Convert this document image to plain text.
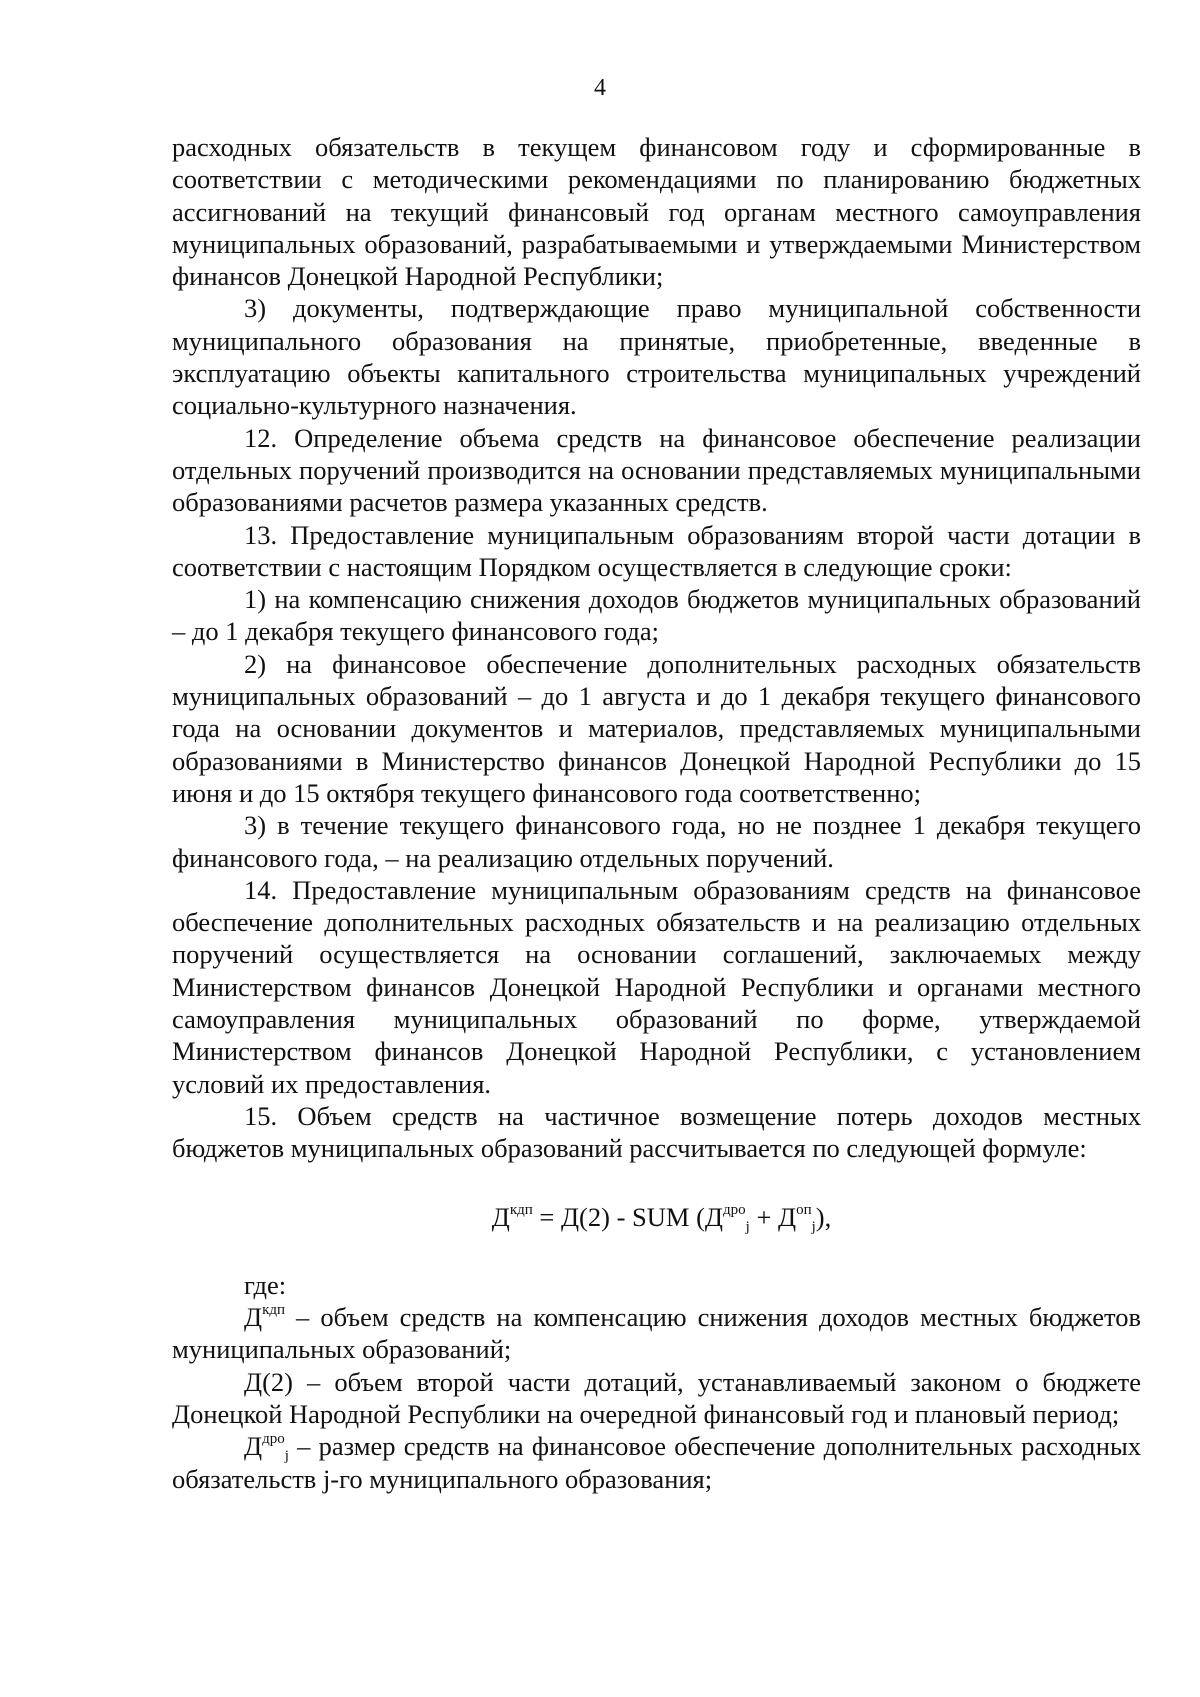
4

расходных обязательств в текущем финансовом году и сформированные в соответствии с методическими рекомендациями по планированию бюджетных ассигнований на текущий финансовый год органам местного самоуправления муниципальных образований, разрабатываемыми и утверждаемыми Министерством финансов Донецкой Народной Республики;

3) документы, подтверждающие право муниципальной собственности муниципального образования на принятые, приобретенные, введенные в эксплуатацию объекты капитального строительства муниципальных учреждений социально-культурного назначения.

12. Определение объема средств на финансовое обеспечение реализации отдельных поручений производится на основании представляемых муниципальными образованиями расчетов размера указанных средств.

13. Предоставление муниципальным образованиям второй части дотации в соответствии с настоящим Порядком осуществляется в следующие сроки:

1) на компенсацию снижения доходов бюджетов муниципальных образований – до 1 декабря текущего финансового года;

2) на финансовое обеспечение дополнительных расходных обязательств муниципальных образований – до 1 августа и до 1 декабря текущего финансового года на основании документов и материалов, представляемых муниципальными образованиями в Министерство финансов Донецкой Народной Республики до 15 июня и до 15 октября текущего финансового года соответственно;

3) в течение текущего финансового года, но не позднее 1 декабря текущего финансового года, – на реализацию отдельных поручений.

14. Предоставление муниципальным образованиям средств на финансовое обеспечение дополнительных расходных обязательств и на реализацию отдельных поручений осуществляется на основании соглашений, заключаемых между Министерством финансов Донецкой Народной Республики и органами местного самоуправления муниципальных образований по форме, утверждаемой Министерством финансов Донецкой Народной Республики, с установлением условий их предоставления.

15. Объем средств на частичное возмещение потерь доходов местных бюджетов муниципальных образований рассчитывается по следующей формуле:

$Д^{кдп} = Д(2)$ - SUM $(Д^{дро}_j + Д^{оп}_j)$,

где:

$Д^{кдп}$ – объем средств на компенсацию снижения доходов местных бюджетов муниципальных образований;

Д(2) – объем второй части дотаций, устанавливаемый законом о бюджете Донецкой Народной Республики на очередной финансовый год и плановый период;

$Д^{дро}_j$ – размер средств на финансовое обеспечение дополнительных расходных обязательств j-го муниципального образования;
